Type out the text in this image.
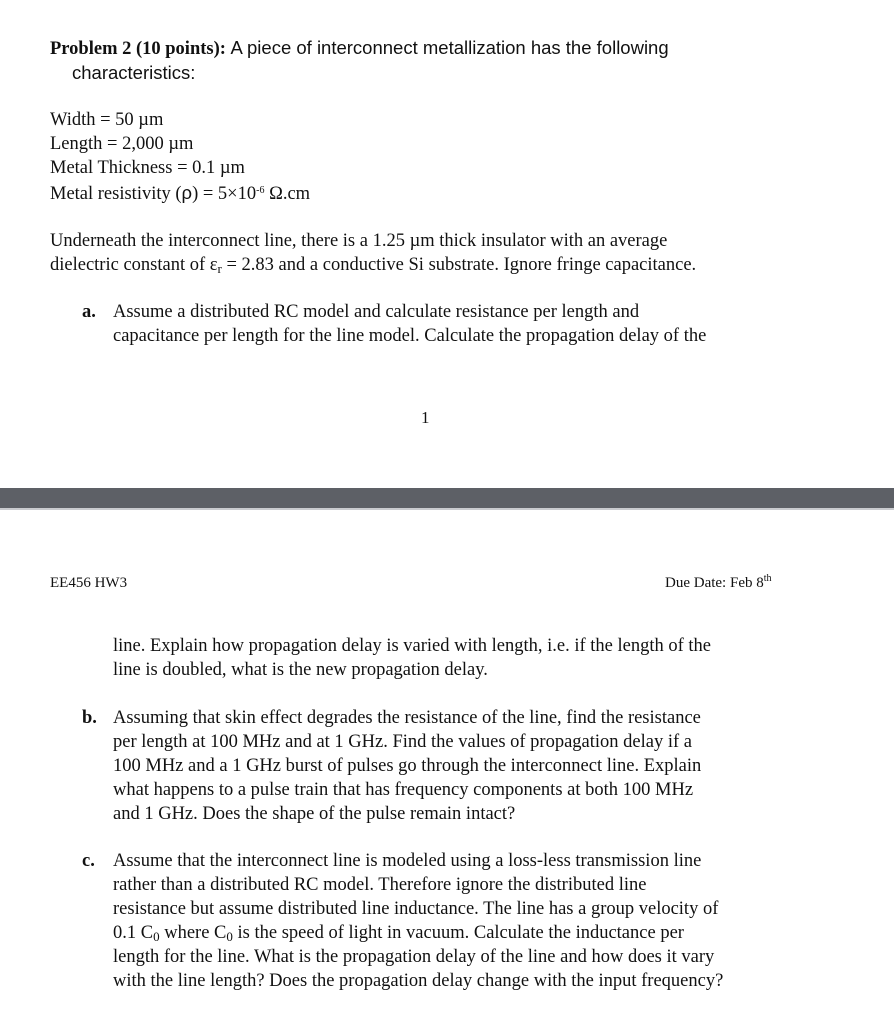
Problem 2 (10 points): A piece of interconnect metallization has the following
characteristics:
Width = 50 µm
Length = 2,000 µm
Metal Thickness = 0.1 µm
Metal resistivity $(\rho) = 5\times 10^{-6}$ Ω.cm
Underneath the interconnect line, there is a 1.25 µm thick insulator with an average
dielectric constant of $\varepsilon_r = 2.83$ and a conductive Si substrate. Ignore fringe capacitance.
a. Assume a distributed RC model and calculate resistance per length and
capacitance per length for the line model. Calculate the propagation delay of the
1
EE456 HW3	Due Date: Feb 8th
line. Explain how propagation delay is varied with length, i.e. if the length of the
line is doubled, what is the new propagation delay.
b. Assuming that skin effect degrades the resistance of the line, find the resistance
per length at 100 MHz and at 1 GHz. Find the values of propagation delay if a
100 MHz and a 1 GHz burst of pulses go through the interconnect line. Explain
what happens to a pulse train that has frequency components at both 100 MHz
and 1 GHz. Does the shape of the pulse remain intact?
c. Assume that the interconnect line is modeled using a loss-less transmission line
rather than a distributed RC model. Therefore ignore the distributed line
resistance but assume distributed line inductance. The line has a group velocity of
0.1 $C_0$ where $C_0$ is the speed of light in vacuum. Calculate the inductance per
length for the line. What is the propagation delay of the line and how does it vary
with the line length? Does the propagation delay change with the input frequency?
